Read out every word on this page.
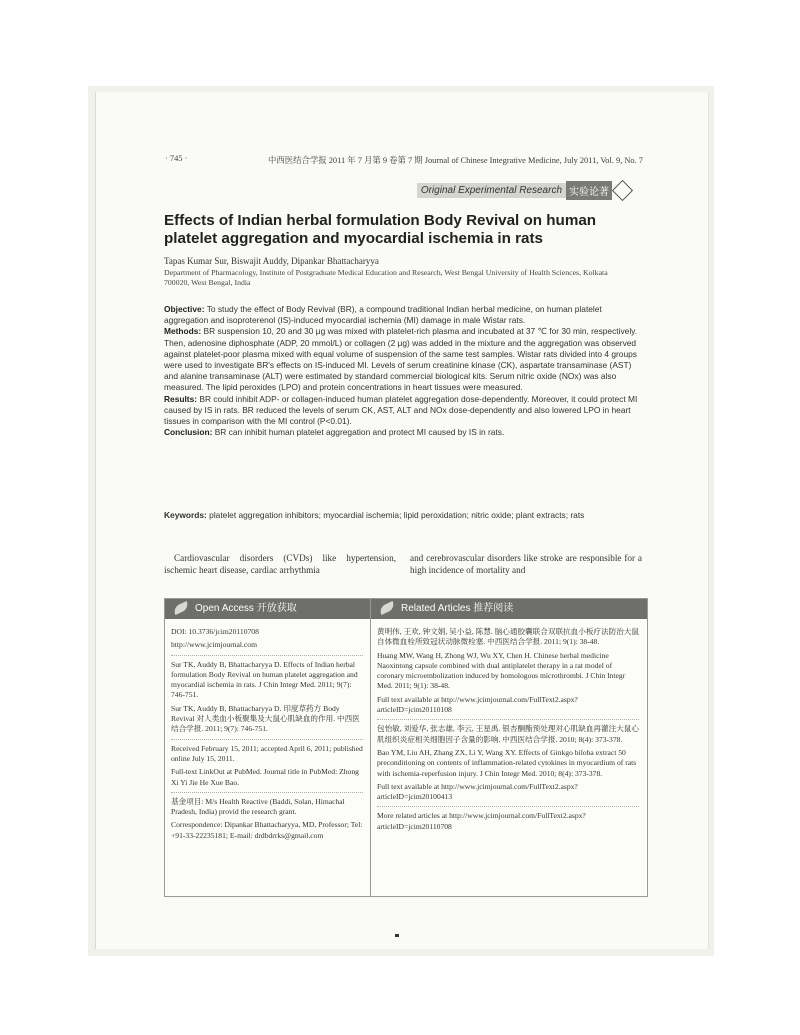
· 745 ·	中西医结合学报 2011 年 7 月第 9 卷第 7 期 Journal of Chinese Integrative Medicine, July 2011, Vol. 9, No. 7
Original Experimental Research 实验论著
Effects of Indian herbal formulation Body Revival on human platelet aggregation and myocardial ischemia in rats
Tapas Kumar Sur, Biswajit Auddy, Dipankar Bhattacharyya
Department of Pharmacology, Institute of Postgraduate Medical Education and Research, West Bengal University of Health Sciences, Kolkata 700020, West Bengal, India

Objective: To study the effect of Body Revival (BR), a compound traditional Indian herbal medicine, on human platelet aggregation and isoproterenol (IS)-induced myocardial ischemia (MI) damage in male Wistar rats.

Methods: BR suspension 10, 20 and 30 μg was mixed with platelet-rich plasma and incubated at 37 ℃ for 30 min, respectively. Then, adenosine diphosphate (ADP, 20 mmol/L) or collagen (2 μg) was added in the mixture and the aggregation was observed against platelet-poor plasma mixed with equal volume of suspension of the same test samples. Wistar rats divided into 4 groups were used to investigate BR's effects on IS-induced MI. Levels of serum creatinine kinase (CK), aspartate transaminase (AST) and alanine transaminase (ALT) were estimated by standard commercial biological kits. Serum nitric oxide (NOx) was also measured. The lipid peroxides (LPO) and protein concentrations in heart tissues were measured.

Results: BR could inhibit ADP- or collagen-induced human platelet aggregation dose-dependently. Moreover, it could protect MI caused by IS in rats. BR reduced the levels of serum CK, AST, ALT and NOx dose-dependently and also lowered LPO in heart tissues in comparison with the MI control (P<0.01).

Conclusion: BR can inhibit human platelet aggregation and protect MI caused by IS in rats.

Keywords: platelet aggregation inhibitors; myocardial ischemia; lipid peroxidation; nitric oxide; plant extracts; rats
Cardiovascular disorders (CVDs) like hypertension, ischemic heart disease, cardiac arrhythmia
and cerebrovascular disorders like stroke are responsible for a high incidence of mortality and
Open Access 开放获取	Related Articles 推荐阅读

DOI: 10.3736/jcim20110708

http://www.jcimjournal.com

Sur TK, Auddy B, Bhattacharyya D. Effects of Indian herbal formulation Body Revival on human platelet aggregation and myocardial ischemia in rats. J Chin Integr Med. 2011; 9(7): 746-751.

Sur TK, Auddy B, Bhattacharyya D. 印度草药方 Body Revival 对人类血小板聚集及大鼠心肌缺血的作用. 中西医结合学报. 2011; 9(7): 746-751.

Received February 15, 2011; accepted April 6, 2011; published online July 15, 2011.

Full-text LinkOut at PubMed. Journal title in PubMed: Zhong Xi Yi Jie He Xue Bao.

基金项目: M/s Health Reactive (Baddi, Solan, Himachal Pradesh, India) provid the research grant.

Correspondence: Dipankar Bhattacharyya, MD, Professor; Tel: +91-33-22235181; E-mail: drdbdrrks@gmail.com

黄明伟, 王欢, 钟文娟, 吴小益, 陈慧. 脑心通胶囊联合双联抗血小板疗法防治大鼠自体微血栓所致冠状动脉微栓塞. 中西医结合学报. 2011; 9(1): 38-48.

Huang MW, Wang H, Zhong WJ, Wu XY, Chen H. Chinese herbal medicine Naoxintong capsule combined with dual antiplatelet therapy in a rat model of coronary microembolization induced by homologous microthrombi. J Chin Integr Med. 2011; 9(1): 38-48.

Full text available at http://www.jcimjournal.com/FullText2.aspx?articleID=jcim20110108

包怡敏, 刘爱华, 张志雄, 李云, 王星禹. 银杏酮酯预处理对心肌缺血再灌注大鼠心肌组织炎症相关细胞因子含量的影响. 中西医结合学报. 2010; 8(4): 373-378.

Bao YM, Liu AH, Zhang ZX, Li Y, Wang XY. Effects of Ginkgo biloba extract 50 preconditioning on contents of inflammation-related cytokines in myocardium of rats with ischemia-reperfusion injury. J Chin Integr Med. 2010; 8(4): 373-378.

Full text available at http://www.jcimjournal.com/FullText2.aspx?articleID=jcim20100413

More related articles at http://www.jcimjournal.com/FullText2.aspx?articleID=jcim20110708
